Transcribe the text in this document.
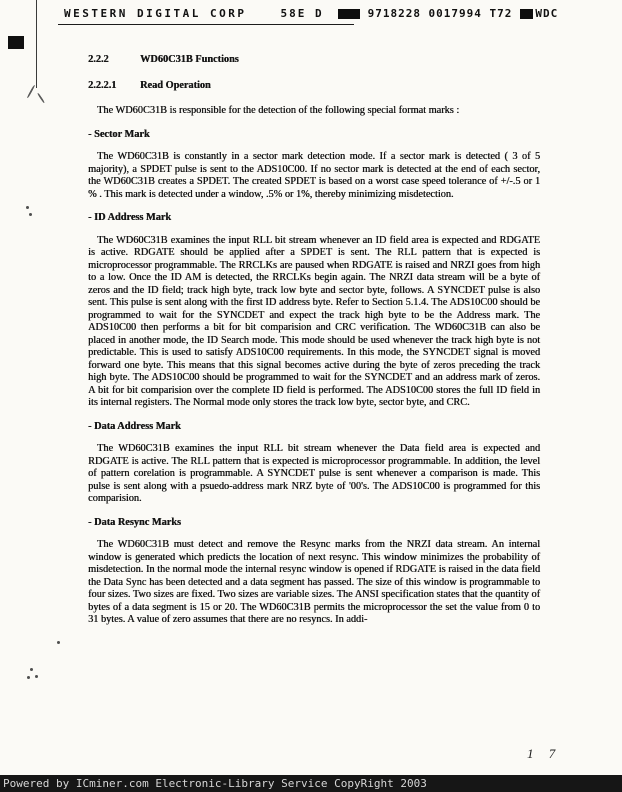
WESTERN DIGITAL CORP	58E D	9718228 0017994 T72 WDC
2.2.2	WD60C31B Functions
2.2.2.1	Read Operation

The WD60C31B is responsible for the detection of the following special format marks :

- Sector Mark

The WD60C31B is constantly in a sector mark detection mode. If a sector mark is detected ( 3 of 5 majority), a SPDET pulse is sent to the ADS10C00. If no sector mark is detected at the end of each sector, the WD60C31B creates a SPDET. The created SPDET is based on a worst case speed tolerance of +/-.5 or 1 % . This mark is detected under a window, .5% or 1%, thereby minimizing misdetection.

- ID Address Mark

The WD60C31B examines the input RLL bit stream whenever an ID field area is expected and RDGATE is active. RDGATE should be applied after a SPDET is sent. The RLL pattern that is expected is microprocessor programmable. The RRCLKs are paused when RDGATE is raised and NRZI goes from high to a low. Once the ID AM is detected, the RRCLKs begin again. The NRZI data stream will be a byte of zeros and the ID field; track high byte, track low byte and sector byte, follows. A SYNCDET pulse is also sent. This pulse is sent along with the first ID address byte. Refer to Section 5.1.4. The ADS10C00 should be programmed to wait for the SYNCDET and expect the track high byte to be the Address mark. The ADS10C00 then performs a bit for bit comparision and CRC verification. The WD60C31B can also be placed in another mode, the ID Search mode. This mode should be used whenever the track high byte is not predictable. This is used to satisfy ADS10C00 requirements. In this mode, the SYNCDET signal is moved forward one byte. This means that this signal becomes active during the byte of zeros preceding the track high byte. The ADS10C00 should be programmed to wait for the SYNCDET and an address mark of zeros. A bit for bit comparision over the complete ID field is performed. The ADS10C00 stores the full ID field in its internal registers. The Normal mode only stores the track low byte, sector byte, and CRC.

- Data Address Mark

The WD60C31B examines the input RLL bit stream whenever the Data field area is expected and RDGATE is active. The RLL pattern that is expected is microprocessor programmable. In addition, the level of pattern corelation is programmable. A SYNCDET pulse is sent whenever a comparison is made. This pulse is sent along with a psuedo-address mark NRZ byte of '00's. The ADS10C00 is programmed for this comparision.

- Data Resync Marks

The WD60C31B must detect and remove the Resync marks from the NRZI data stream. An internal window is generated which predicts the location of next resync. This window minimizes the probability of misdetection. In the normal mode the internal resync window is opened if RDGATE is raised in the data field the Data Sync has been detected and a data segment has passed. The size of this window is programmable to four sizes. Two sizes are fixed. Two sizes are variable sizes. The ANSI specification states that the quantity of bytes of a data segment is 15 or 20. The WD60C31B permits the microprocessor the set the value from 0 to 31 bytes. A value of zero assumes that there are no resyncs. In addi-

1 7
Powered by ICminer.com Electronic-Library Service CopyRight 2003
